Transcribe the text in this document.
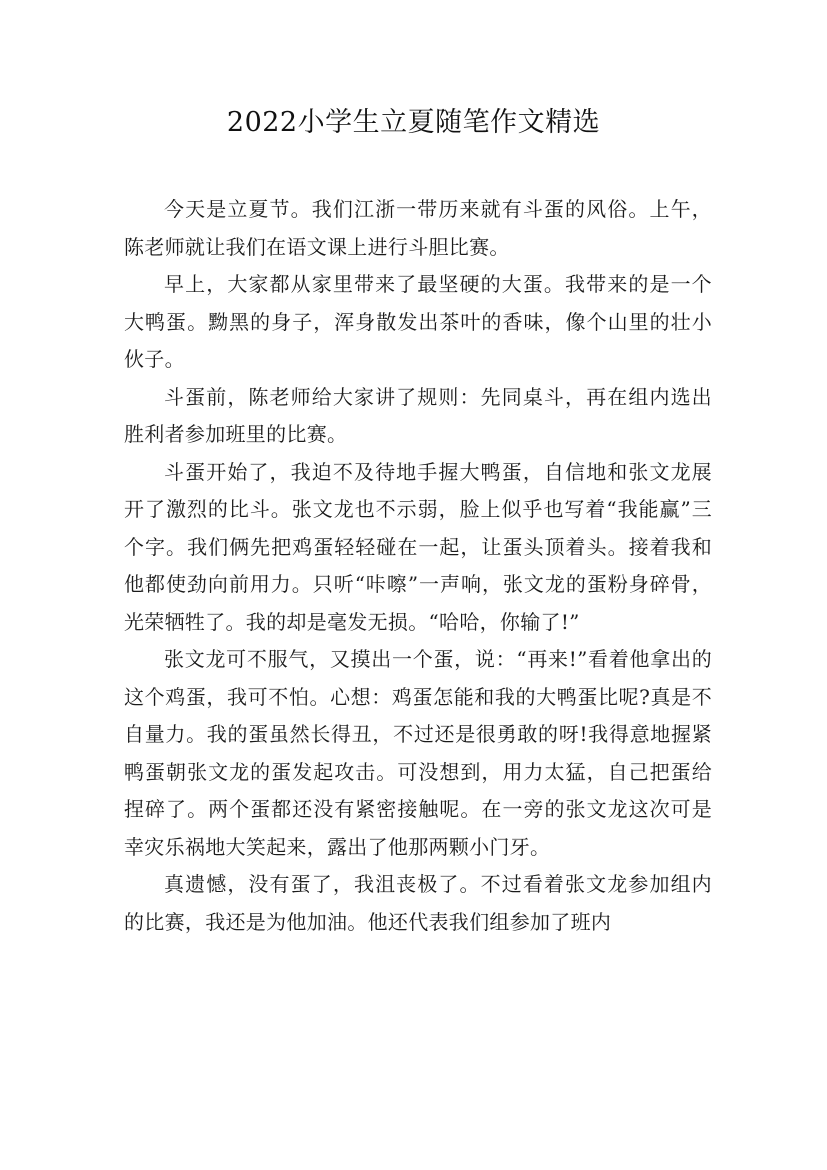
2022小学生立夏随笔作文精选

今天是立夏节。我们江浙一带历来就有斗蛋的风俗。上午，陈老师就让我们在语文课上进行斗胆比赛。

早上，大家都从家里带来了最坚硬的大蛋。我带来的是一个大鸭蛋。黝黑的身子，浑身散发出茶叶的香味，像个山里的壮小伙子。

斗蛋前，陈老师给大家讲了规则：先同桌斗，再在组内选出胜利者参加班里的比赛。

斗蛋开始了，我迫不及待地手握大鸭蛋，自信地和张文龙展开了激烈的比斗。张文龙也不示弱，脸上似乎也写着“我能赢”三个字。我们俩先把鸡蛋轻轻碰在一起，让蛋头顶着头。接着我和他都使劲向前用力。只听“咔嚓”一声响，张文龙的蛋粉身碎骨，光荣牺牲了。我的却是毫发无损。“哈哈，你输了!”

张文龙可不服气，又摸出一个蛋，说：“再来!”看着他拿出的这个鸡蛋，我可不怕。心想：鸡蛋怎能和我的大鸭蛋比呢?真是不自量力。我的蛋虽然长得丑，不过还是很勇敢的呀!我得意地握紧鸭蛋朝张文龙的蛋发起攻击。可没想到，用力太猛，自己把蛋给捏碎了。两个蛋都还没有紧密接触呢。在一旁的张文龙这次可是幸灾乐祸地大笑起来，露出了他那两颗小门牙。

真遗憾，没有蛋了，我沮丧极了。不过看着张文龙参加组内的比赛，我还是为他加油。他还代表我们组参加了班内
